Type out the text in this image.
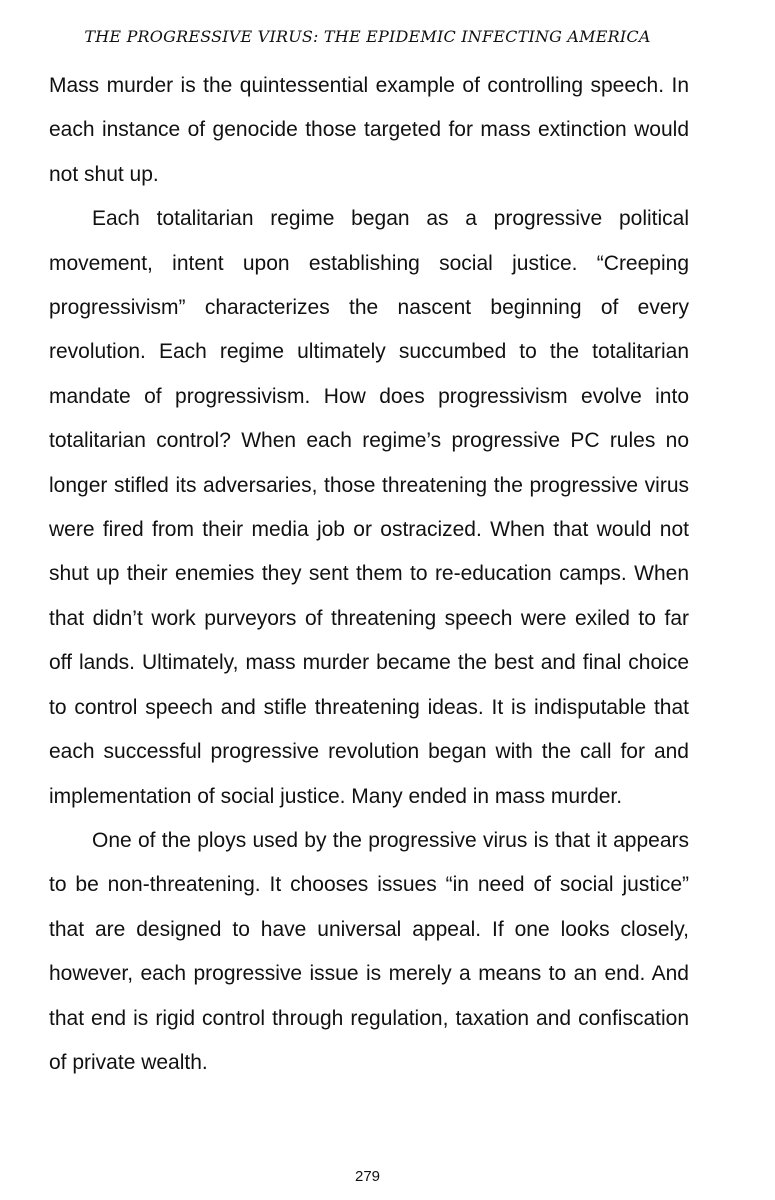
THE PROGRESSIVE VIRUS: THE EPIDEMIC INFECTING AMERICA

Mass murder is the quintessential example of controlling speech. In each instance of genocide those targeted for mass extinction would not shut up.

Each totalitarian regime began as a progressive political movement, intent upon establishing social justice. “Creeping progressivism” characterizes the nascent beginning of every revolution. Each regime ultimately succumbed to the totalitarian mandate of progressivism. How does progressivism evolve into totalitarian control? When each regime’s progressive PC rules no longer stifled its adversaries, those threatening the progressive virus were fired from their media job or ostracized. When that would not shut up their enemies they sent them to re-education camps. When that didn’t work purveyors of threatening speech were exiled to far off lands. Ultimately, mass murder became the best and final choice to control speech and stifle threatening ideas. It is indisputable that each successful progressive revolution began with the call for and implementation of social justice. Many ended in mass murder.

One of the ploys used by the progressive virus is that it appears to be non-threatening. It chooses issues “in need of social justice” that are designed to have universal appeal. If one looks closely, however, each progressive issue is merely a means to an end. And that end is rigid control through regulation, taxation and confiscation of private wealth.

279
